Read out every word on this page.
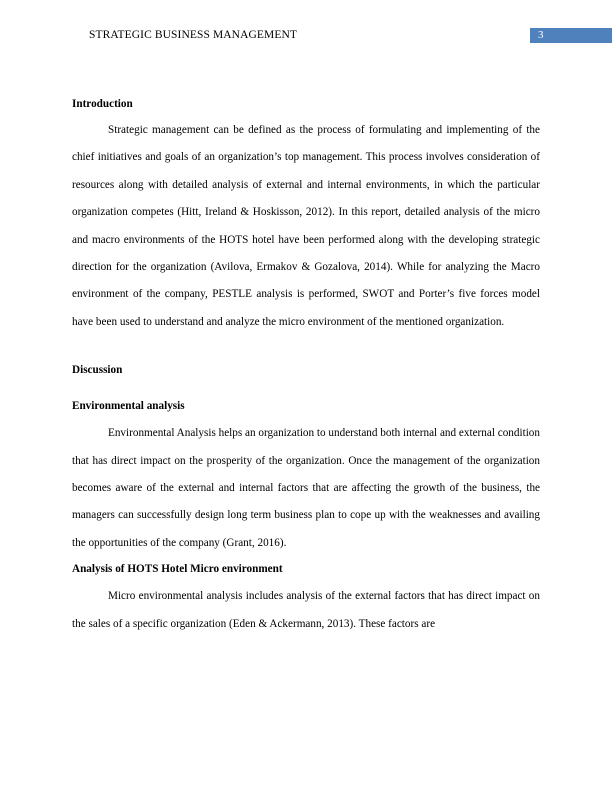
STRATEGIC BUSINESS MANAGEMENT	3

Introduction

Strategic management can be defined as the process of formulating and implementing of the chief initiatives and goals of an organization’s top management. This process involves consideration of resources along with detailed analysis of external and internal environments, in which the particular organization competes (Hitt, Ireland & Hoskisson, 2012). In this report, detailed analysis of the micro and macro environments of the HOTS hotel have been performed along with the developing strategic direction for the organization (Avilova, Ermakov & Gozalova, 2014). While for analyzing the Macro environment of the company, PESTLE analysis is performed, SWOT and Porter’s five forces model have been used to understand and analyze the micro environment of the mentioned organization.

Discussion

Environmental analysis

Environmental Analysis helps an organization to understand both internal and external condition that has direct impact on the prosperity of the organization. Once the management of the organization becomes aware of the external and internal factors that are affecting the growth of the business, the managers can successfully design long term business plan to cope up with the weaknesses and availing the opportunities of the company (Grant, 2016).

Analysis of HOTS Hotel Micro environment

Micro environmental analysis includes analysis of the external factors that has direct impact on the sales of a specific organization (Eden & Ackermann, 2013). These factors are
